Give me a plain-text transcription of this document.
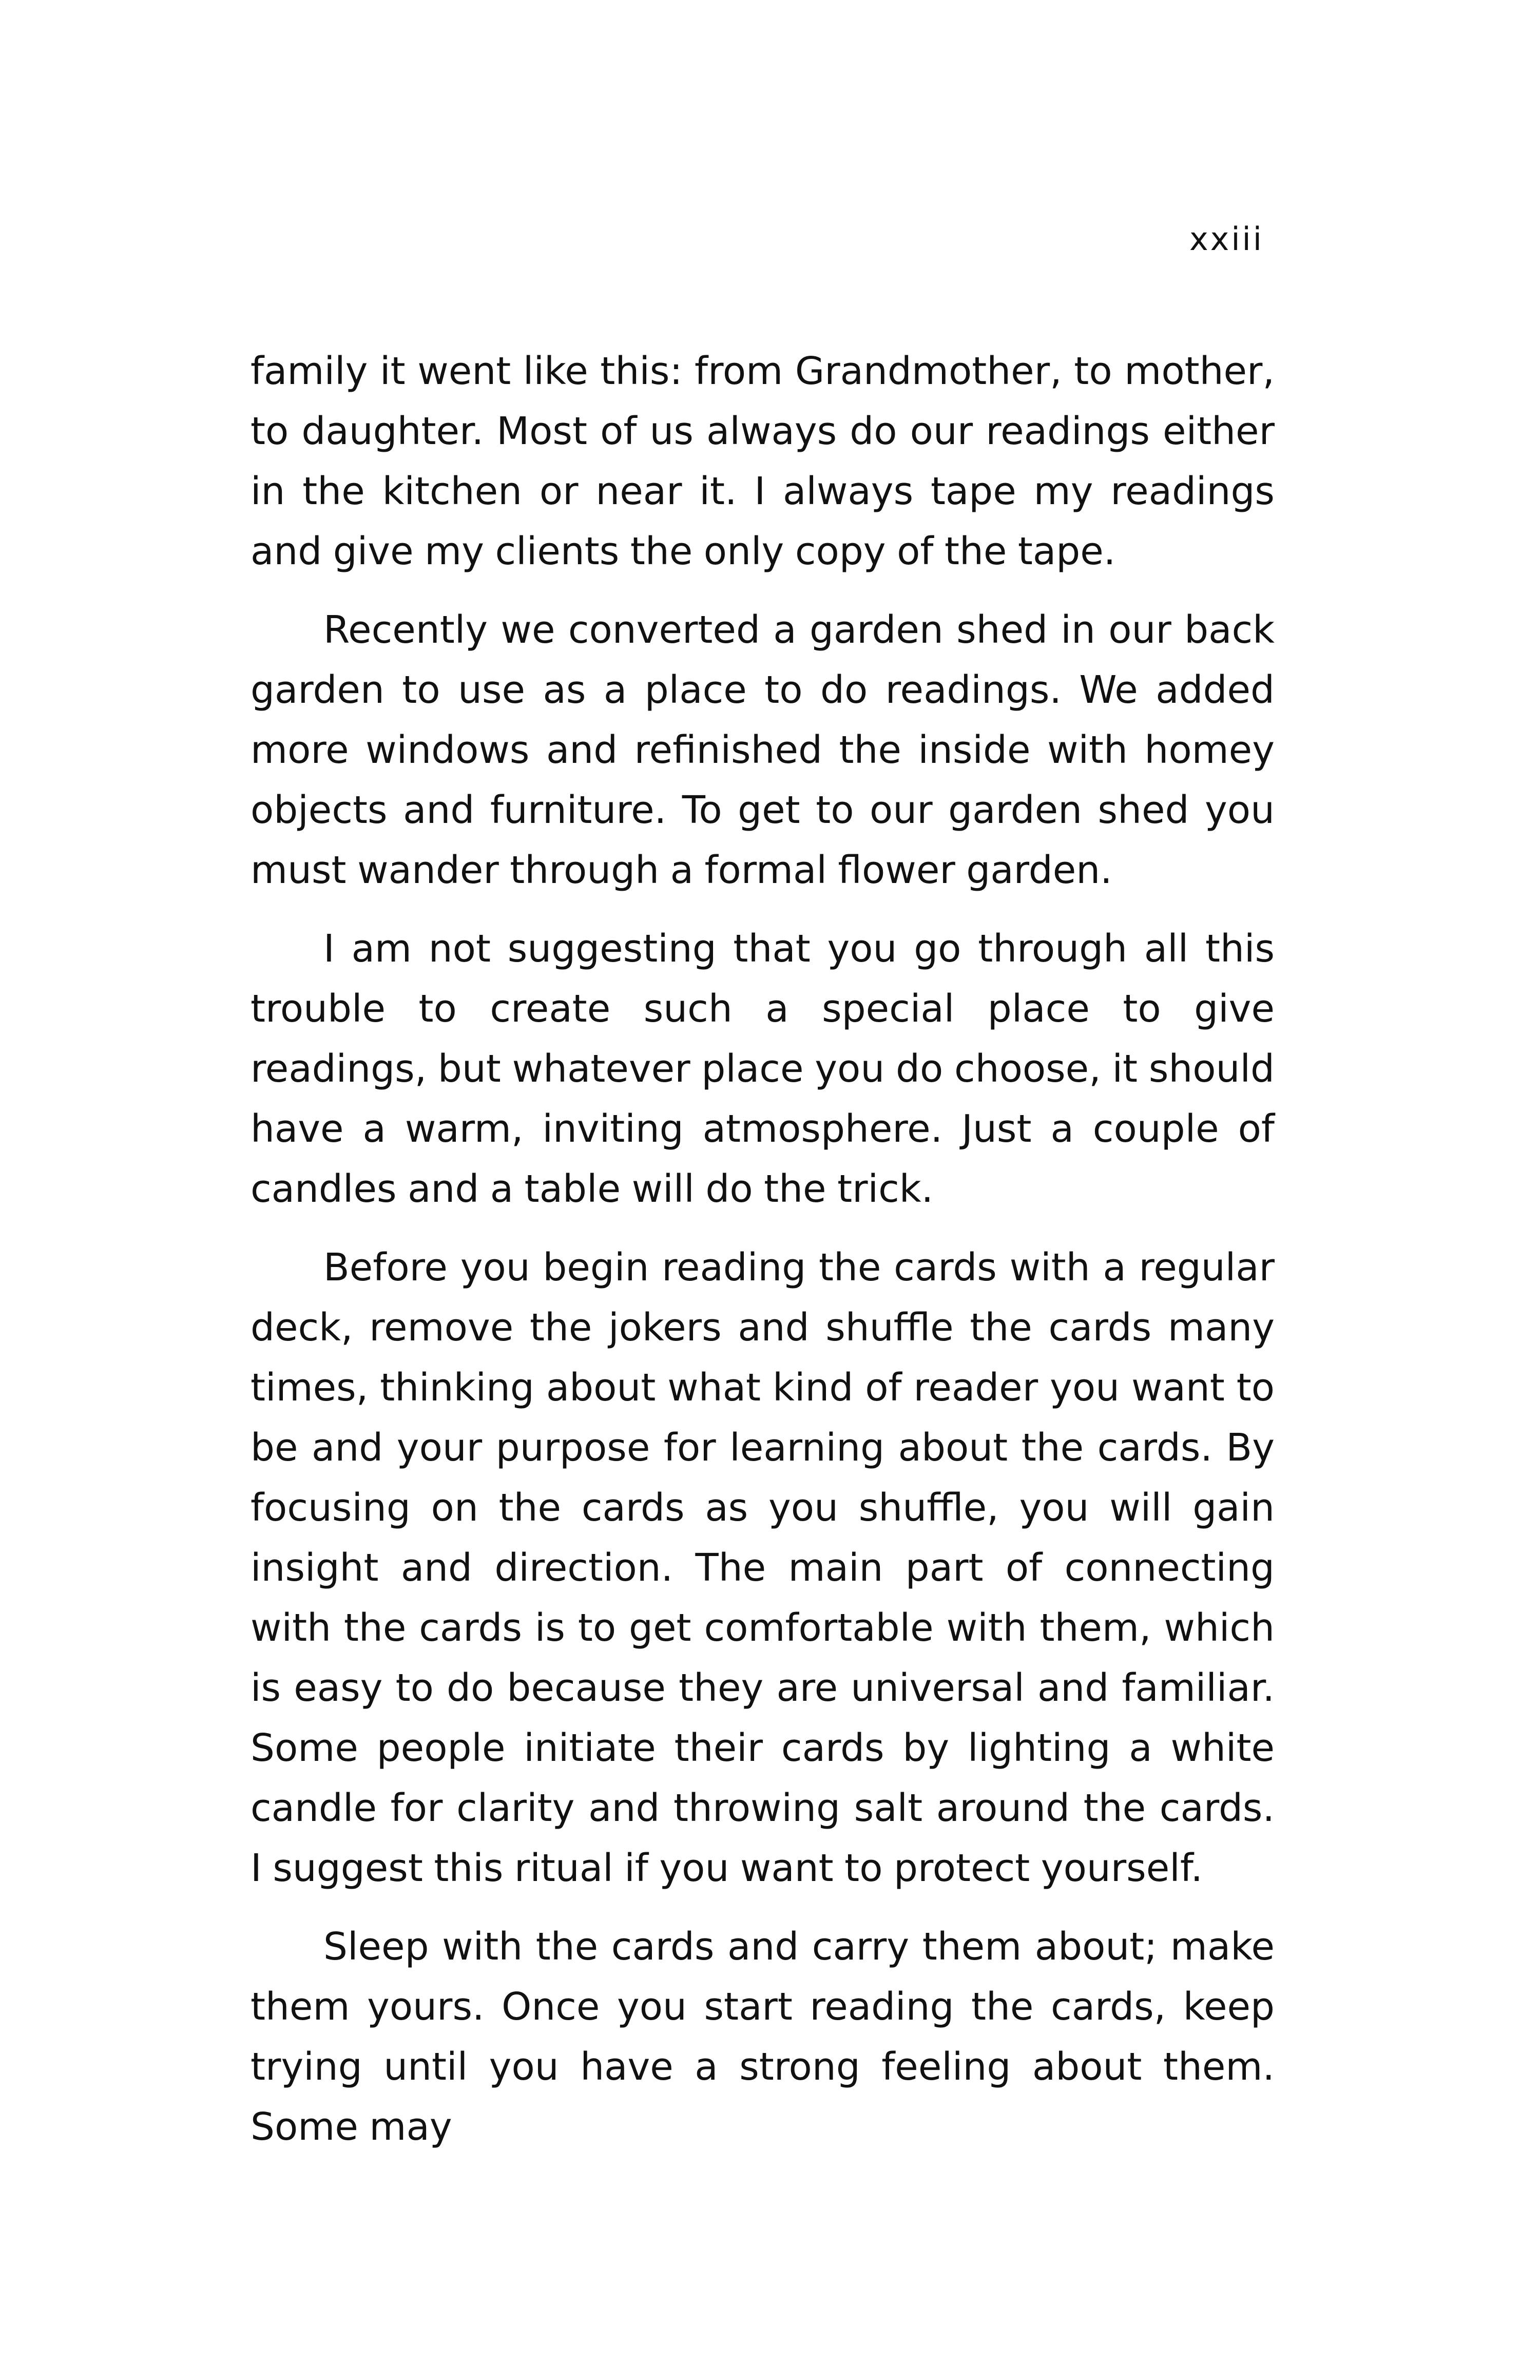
xxiii

family it went like this: from Grandmother, to mother, to daughter. Most of us always do our readings either in the kitchen or near it. I always tape my readings and give my clients the only copy of the tape.

Recently we converted a garden shed in our back garden to use as a place to do readings. We added more windows and refinished the inside with homey objects and furniture. To get to our garden shed you must wander through a formal flower garden.

I am not suggesting that you go through all this trouble to create such a special place to give readings, but whatever place you do choose, it should have a warm, inviting atmosphere. Just a couple of candles and a table will do the trick.

Before you begin reading the cards with a regular deck, remove the jokers and shuffle the cards many times, thinking about what kind of reader you want to be and your purpose for learning about the cards. By focusing on the cards as you shuffle, you will gain insight and direction. The main part of connecting with the cards is to get comfortable with them, which is easy to do because they are universal and familiar. Some people initiate their cards by lighting a white candle for clarity and throwing salt around the cards. I suggest this ritual if you want to protect yourself.

Sleep with the cards and carry them about; make them yours. Once you start reading the cards, keep trying until you have a strong feeling about them. Some may
